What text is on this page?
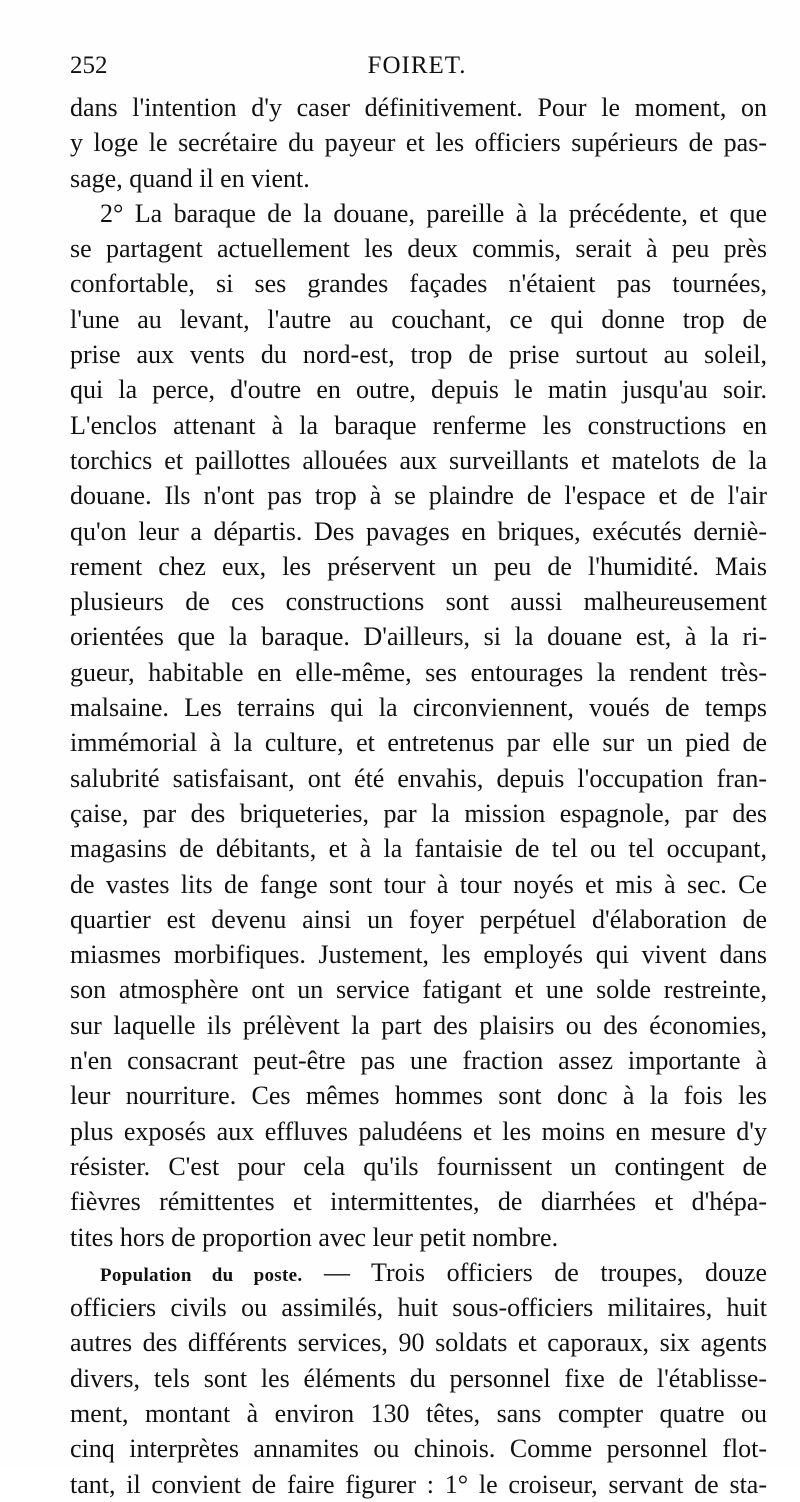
252	FOIRET.
dans l'intention d'y caser définitivement. Pour le moment, on
y loge le secrétaire du payeur et les officiers supérieurs de pas-
sage, quand il en vient.
2° La baraque de la douane, pareille à la précédente, et que
se partagent actuellement les deux commis, serait à peu près
confortable, si ses grandes façades n'étaient pas tournées,
l'une au levant, l'autre au couchant, ce qui donne trop de
prise aux vents du nord-est, trop de prise surtout au soleil,
qui la perce, d'outre en outre, depuis le matin jusqu'au soir.
L'enclos attenant à la baraque renferme les constructions en
torchics et paillottes allouées aux surveillants et matelots de la
douane. Ils n'ont pas trop à se plaindre de l'espace et de l'air
qu'on leur a départis. Des pavages en briques, exécutés derniè-
rement chez eux, les préservent un peu de l'humidité. Mais
plusieurs de ces constructions sont aussi malheureusement
orientées que la baraque. D'ailleurs, si la douane est, à la ri-
gueur, habitable en elle-même, ses entourages la rendent très-
malsaine. Les terrains qui la circonviennent, voués de temps
immémorial à la culture, et entretenus par elle sur un pied de
salubrité satisfaisant, ont été envahis, depuis l'occupation fran-
çaise, par des briqueteries, par la mission espagnole, par des
magasins de débitants, et à la fantaisie de tel ou tel occupant,
de vastes lits de fange sont tour à tour noyés et mis à sec. Ce
quartier est devenu ainsi un foyer perpétuel d'élaboration de
miasmes morbifiques. Justement, les employés qui vivent dans
son atmosphère ont un service fatigant et une solde restreinte,
sur laquelle ils prélèvent la part des plaisirs ou des économies,
n'en consacrant peut-être pas une fraction assez importante à
leur nourriture. Ces mêmes hommes sont donc à la fois les
plus exposés aux effluves paludéens et les moins en mesure d'y
résister. C'est pour cela qu'ils fournissent un contingent de
fièvres rémittentes et intermittentes, de diarrhées et d'hépa-
tites hors de proportion avec leur petit nombre.
Population du poste. — Trois officiers de troupes, douze
officiers civils ou assimilés, huit sous-officiers militaires, huit
autres des différents services, 90 soldats et caporaux, six agents
divers, tels sont les éléments du personnel fixe de l'établisse-
ment, montant à environ 130 têtes, sans compter quatre ou
cinq interprètes annamites ou chinois. Comme personnel flot-
tant, il convient de faire figurer : 1° le croiseur, servant de sta-
